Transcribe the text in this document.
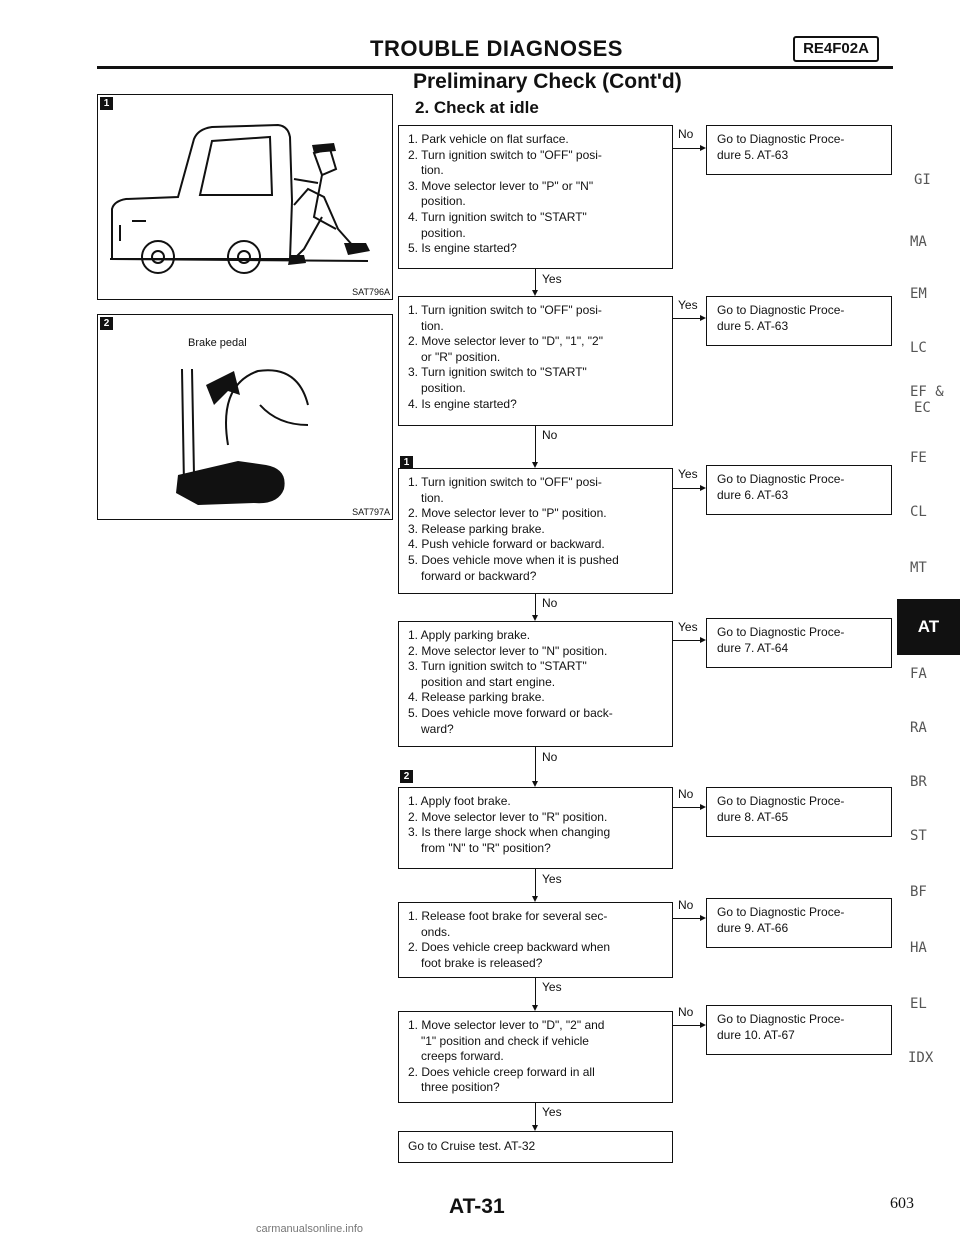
TROUBLE DIAGNOSES	RE4F02A
Preliminary Check (Cont'd)
2. Check at idle
1
SAT796A
2
Brake pedal
SAT797A
1
2
1. Park vehicle on flat surface.
2. Turn ignition switch to "OFF" posi-
tion.
3. Move selector lever to "P" or "N"
position.
4. Turn ignition switch to "START"
position.
5. Is engine started?
No	Go to Diagnostic Proce-
dure 5. AT-63
Yes
1. Turn ignition switch to "OFF" posi-
tion.
2. Move selector lever to "D", "1", "2"
or "R" position.
3. Turn ignition switch to "START"
position.
4. Is engine started?
Yes	Go to Diagnostic Proce-
dure 5. AT-63
No
1. Turn ignition switch to "OFF" posi-
tion.
2. Move selector lever to "P" position.
3. Release parking brake.
4. Push vehicle forward or backward.
5. Does vehicle move when it is pushed
forward or backward?
Yes	Go to Diagnostic Proce-
dure 6. AT-63
No
1. Apply parking brake.
2. Move selector lever to "N" position.
3. Turn ignition switch to "START"
position and start engine.
4. Release parking brake.
5. Does vehicle move forward or back-
ward?
Yes	Go to Diagnostic Proce-
dure 7. AT-64
No
1. Apply foot brake.
2. Move selector lever to "R" position.
3. Is there large shock when changing
from "N" to "R" position?
No	Go to Diagnostic Proce-
dure 8. AT-65
Yes
1. Release foot brake for several sec-
onds.
2. Does vehicle creep backward when
foot brake is released?
No	Go to Diagnostic Proce-
dure 9. AT-66
Yes
1. Move selector lever to "D", "2" and
"1" position and check if vehicle
creeps forward.
2. Does vehicle creep forward in all
three position?
No	Go to Diagnostic Proce-
dure 10. AT-67
Yes
Go to Cruise test. AT-32
GI
MA
EM
LC
EF &
EC
FE
CL
MT
AT
FA
RA
BR
ST
BF
HA
EL
IDX
AT-31	603
carmanualsonline.info
